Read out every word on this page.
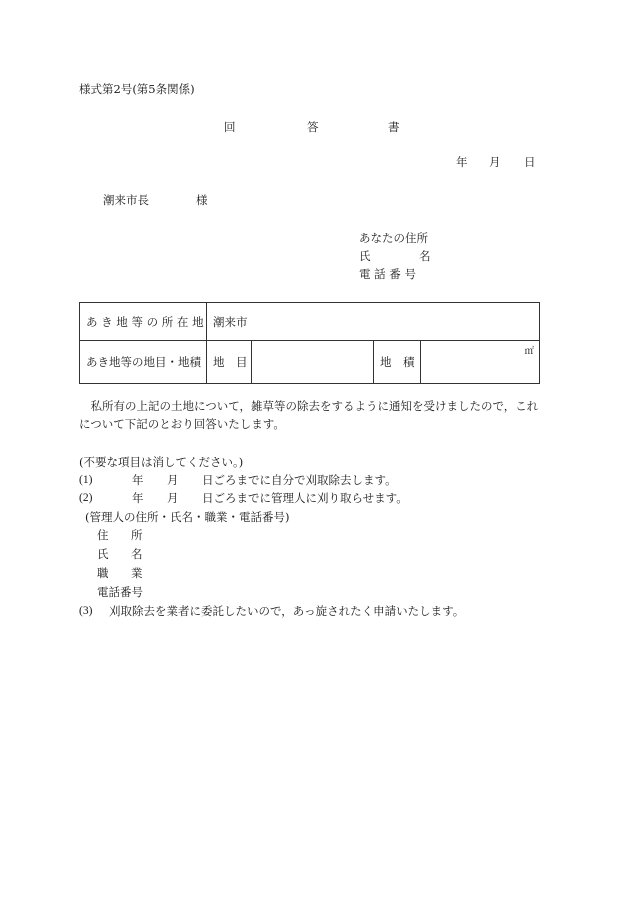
様式第2号(第5条関係)
回	答	書
年 月 日
潮来市長	様
あなたの住所
氏	名
電 話 番 号
あ き 地 等 の 所 在 地	潮来市			
あき地等の地目・地積	地　目		地　積	㎡

　私所有の上記の土地について，雑草等の除去をするように通知を受けましたので，これ
について下記のとおり回答いたします。
(不要な項目は消してください。)
(1)	年 月 日ごろまでに自分で刈取除去します。
(2)	年 月 日ごろまでに管理人に刈り取らせます。
(管理人の住所・氏名・職業・電話番号)
住 所
氏 名
職 業
電話番号
(3) 刈取除去を業者に委託したいので，あっ旋されたく申請いたします。
